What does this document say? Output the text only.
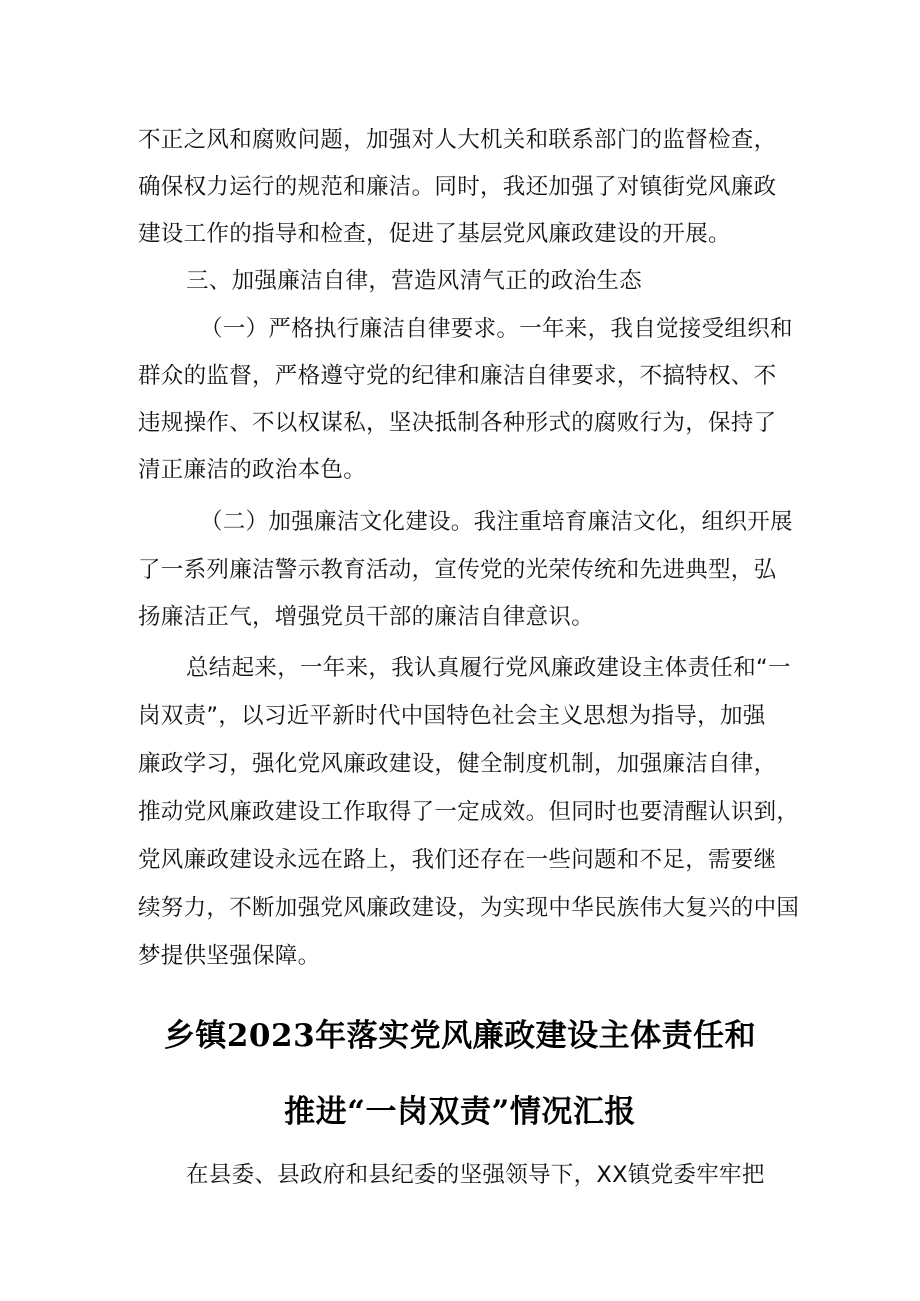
不正之风和腐败问题，加强对人大机关和联系部门的监督检查，
确保权力运行的规范和廉洁。同时，我还加强了对镇街党风廉政
建设工作的指导和检查，促进了基层党风廉政建设的开展。
三、加强廉洁自律，营造风清气正的政治生态
（一）严格执行廉洁自律要求。一年来，我自觉接受组织和
群众的监督，严格遵守党的纪律和廉洁自律要求，不搞特权、不
违规操作、不以权谋私，坚决抵制各种形式的腐败行为，保持了
清正廉洁的政治本色。
（二）加强廉洁文化建设。我注重培育廉洁文化，组织开展
了一系列廉洁警示教育活动，宣传党的光荣传统和先进典型，弘
扬廉洁正气，增强党员干部的廉洁自律意识。
总结起来，一年来，我认真履行党风廉政建设主体责任和“一
岗双责”，以习近平新时代中国特色社会主义思想为指导，加强
廉政学习，强化党风廉政建设，健全制度机制，加强廉洁自律，
推动党风廉政建设工作取得了一定成效。但同时也要清醒认识到，
党风廉政建设永远在路上，我们还存在一些问题和不足，需要继
续努力，不断加强党风廉政建设，为实现中华民族伟大复兴的中国
梦提供坚强保障。
乡镇2023年落实党风廉政建设主体责任和
推进“一岗双责”情况汇报
在县委、县政府和县纪委的坚强领导下，XX镇党委牢牢把
